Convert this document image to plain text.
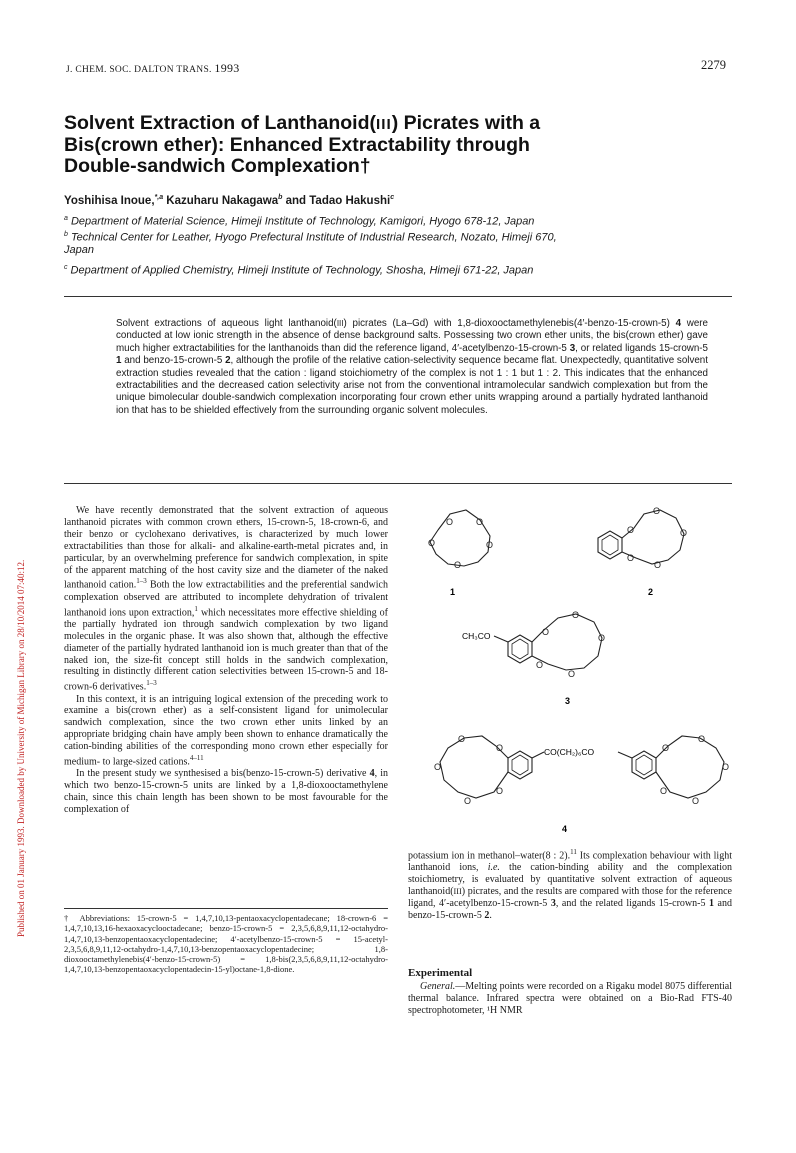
Published on 01 January 1993. Downloaded by University of Michigan Library on 28/10/2014 07:40:12.
J. CHEM. SOC. DALTON TRANS. 1993	2279
Solvent Extraction of Lanthanoid(III) Picrates with a
Bis(crown ether): Enhanced Extractability through
Double-sandwich Complexation†
Yoshihisa Inoue,$^{*,a}$ Kazuharu Nakagawa$^b$ and Tadao Hakushi$^c$
$^a$ Department of Material Science, Himeji Institute of Technology, Kamigori, Hyogo 678-12, Japan
$^b$ Technical Center for Leather, Hyogo Prefectural Institute of Industrial Research, Nozato, Himeji 670,
Japan
$^c$ Department of Applied Chemistry, Himeji Institute of Technology, Shosha, Himeji 671-22, Japan

Solvent extractions of aqueous light lanthanoid(III) picrates (La–Gd) with 1,8-dioxooctamethylenebis(4′-benzo-15-crown-5) 4 were conducted at low ionic strength in the absence of dense background salts. Possessing two crown ether units, the bis(crown ether) gave much higher extractabilities for the lanthanoids than did the reference ligand, 4′-acetylbenzo-15-crown-5 3, or related ligands 15-crown-5 1 and benzo-15-crown-5 2, although the profile of the relative cation-selectivity sequence became flat. Unexpectedly, quantitative solvent extraction studies revealed that the cation : ligand stoichiometry of the complex is not 1 : 1 but 1 : 2. This indicates that the enhanced extractabilities and the decreased cation selectivity arise not from the conventional intramolecular sandwich complexation but from the unique bimolecular double-sandwich complexation incorporating four crown ether units wrapping around a partially hydrated lanthanoid ion that has to be shielded effectively from the surrounding organic solvent molecules.

We have recently demonstrated that the solvent extraction of aqueous lanthanoid picrates with common crown ethers, 15-crown-5, 18-crown-6, and their benzo or cyclohexano derivatives, is characterized by much lower extractabilities than those for alkali- and alkaline-earth-metal picrates and, in particular, by an overwhelming preference for sandwich complexation, in spite of the apparent matching of the host cavity size and the diameter of the naked lanthanoid cation.$^{1-3}$ Both the low extractabilities and the preferential sandwich complexation observed are attributed to incomplete dehydration of trivalent lanthanoid ions upon extraction,$^1$ which necessitates more effective shielding of the partially hydrated ion through sandwich complexation by two ligand molecules in the organic phase. It was also shown that, although the effective diameter of the partially hydrated lanthanoid ion is much greater than that of the naked ion, the size-fit concept still holds in the sandwich complexation, resulting in distinctly different cation selectivities between 15-crown-5 and 18-crown-6 derivatives.$^{1-3}$

In this context, it is an intriguing logical extension of the preceding work to examine a bis(crown ether) as a self-consistent ligand for unimolecular sandwich complexation, since the two crown ether units linked by an appropriate bridging chain have amply been shown to enhance dramatically the cation-binding abilities of the corresponding mono crown ether especially for medium- to large-sized cations.$^{4-11}$

In the present study we synthesised a bis(benzo-15-crown-5) derivative 4, in which two benzo-15-crown-5 units are linked by a 1,8-dioxooctamethylene chain, since this chain length has been shown to be most favourable for the complexation of

† Abbreviations: 15-crown-5 = 1,4,7,10,13-pentaoxacyclopentadecane; 18-crown-6 = 1,4,7,10,13,16-hexaoxacyclooctadecane; benzo-15-crown-5 = 2,3,5,6,8,9,11,12-octahydro-1,4,7,10,13-benzopentaoxacyclopentadecine; 4′-acetylbenzo-15-crown-5 = 15-acetyl-2,3,5,6,8,9,11,12-octahydro-1,4,7,10,13-benzopentaoxacyclopentadecine; 1,8-dioxooctamethylenebis(4′-benzo-15-crown-5) = 1,8-bis(2,3,5,6,8,9,11,12-octahydro-1,4,7,10,13-benzopentaoxacyclopentadecin-15-yl)octane-1,8-dione.
O	O
O
O
O
1
O
O
O
O
O
2
CH₃CO	O
O
O
O
O
3
O
O
O
O
O
CO(CH₂)₆CO	O
O
O
O
O
4

potassium ion in methanol–water(8 : 2).$^{11}$ Its complexation behaviour with light lanthanoid ions, i.e. the cation-binding ability and the complexation stoichiometry, is evaluated by quantitative solvent extraction of aqueous lanthanoid(III) picrates, and the results are compared with those for the reference ligand, 4′-acetylbenzo-15-crown-5 3, and the related ligands 15-crown-5 1 and benzo-15-crown-5 2.

Experimental

General.—Melting points were recorded on a Rigaku model 8075 differential thermal balance. Infrared spectra were obtained on a Bio-Rad FTS-40 spectrophotometer, ¹H NMR
